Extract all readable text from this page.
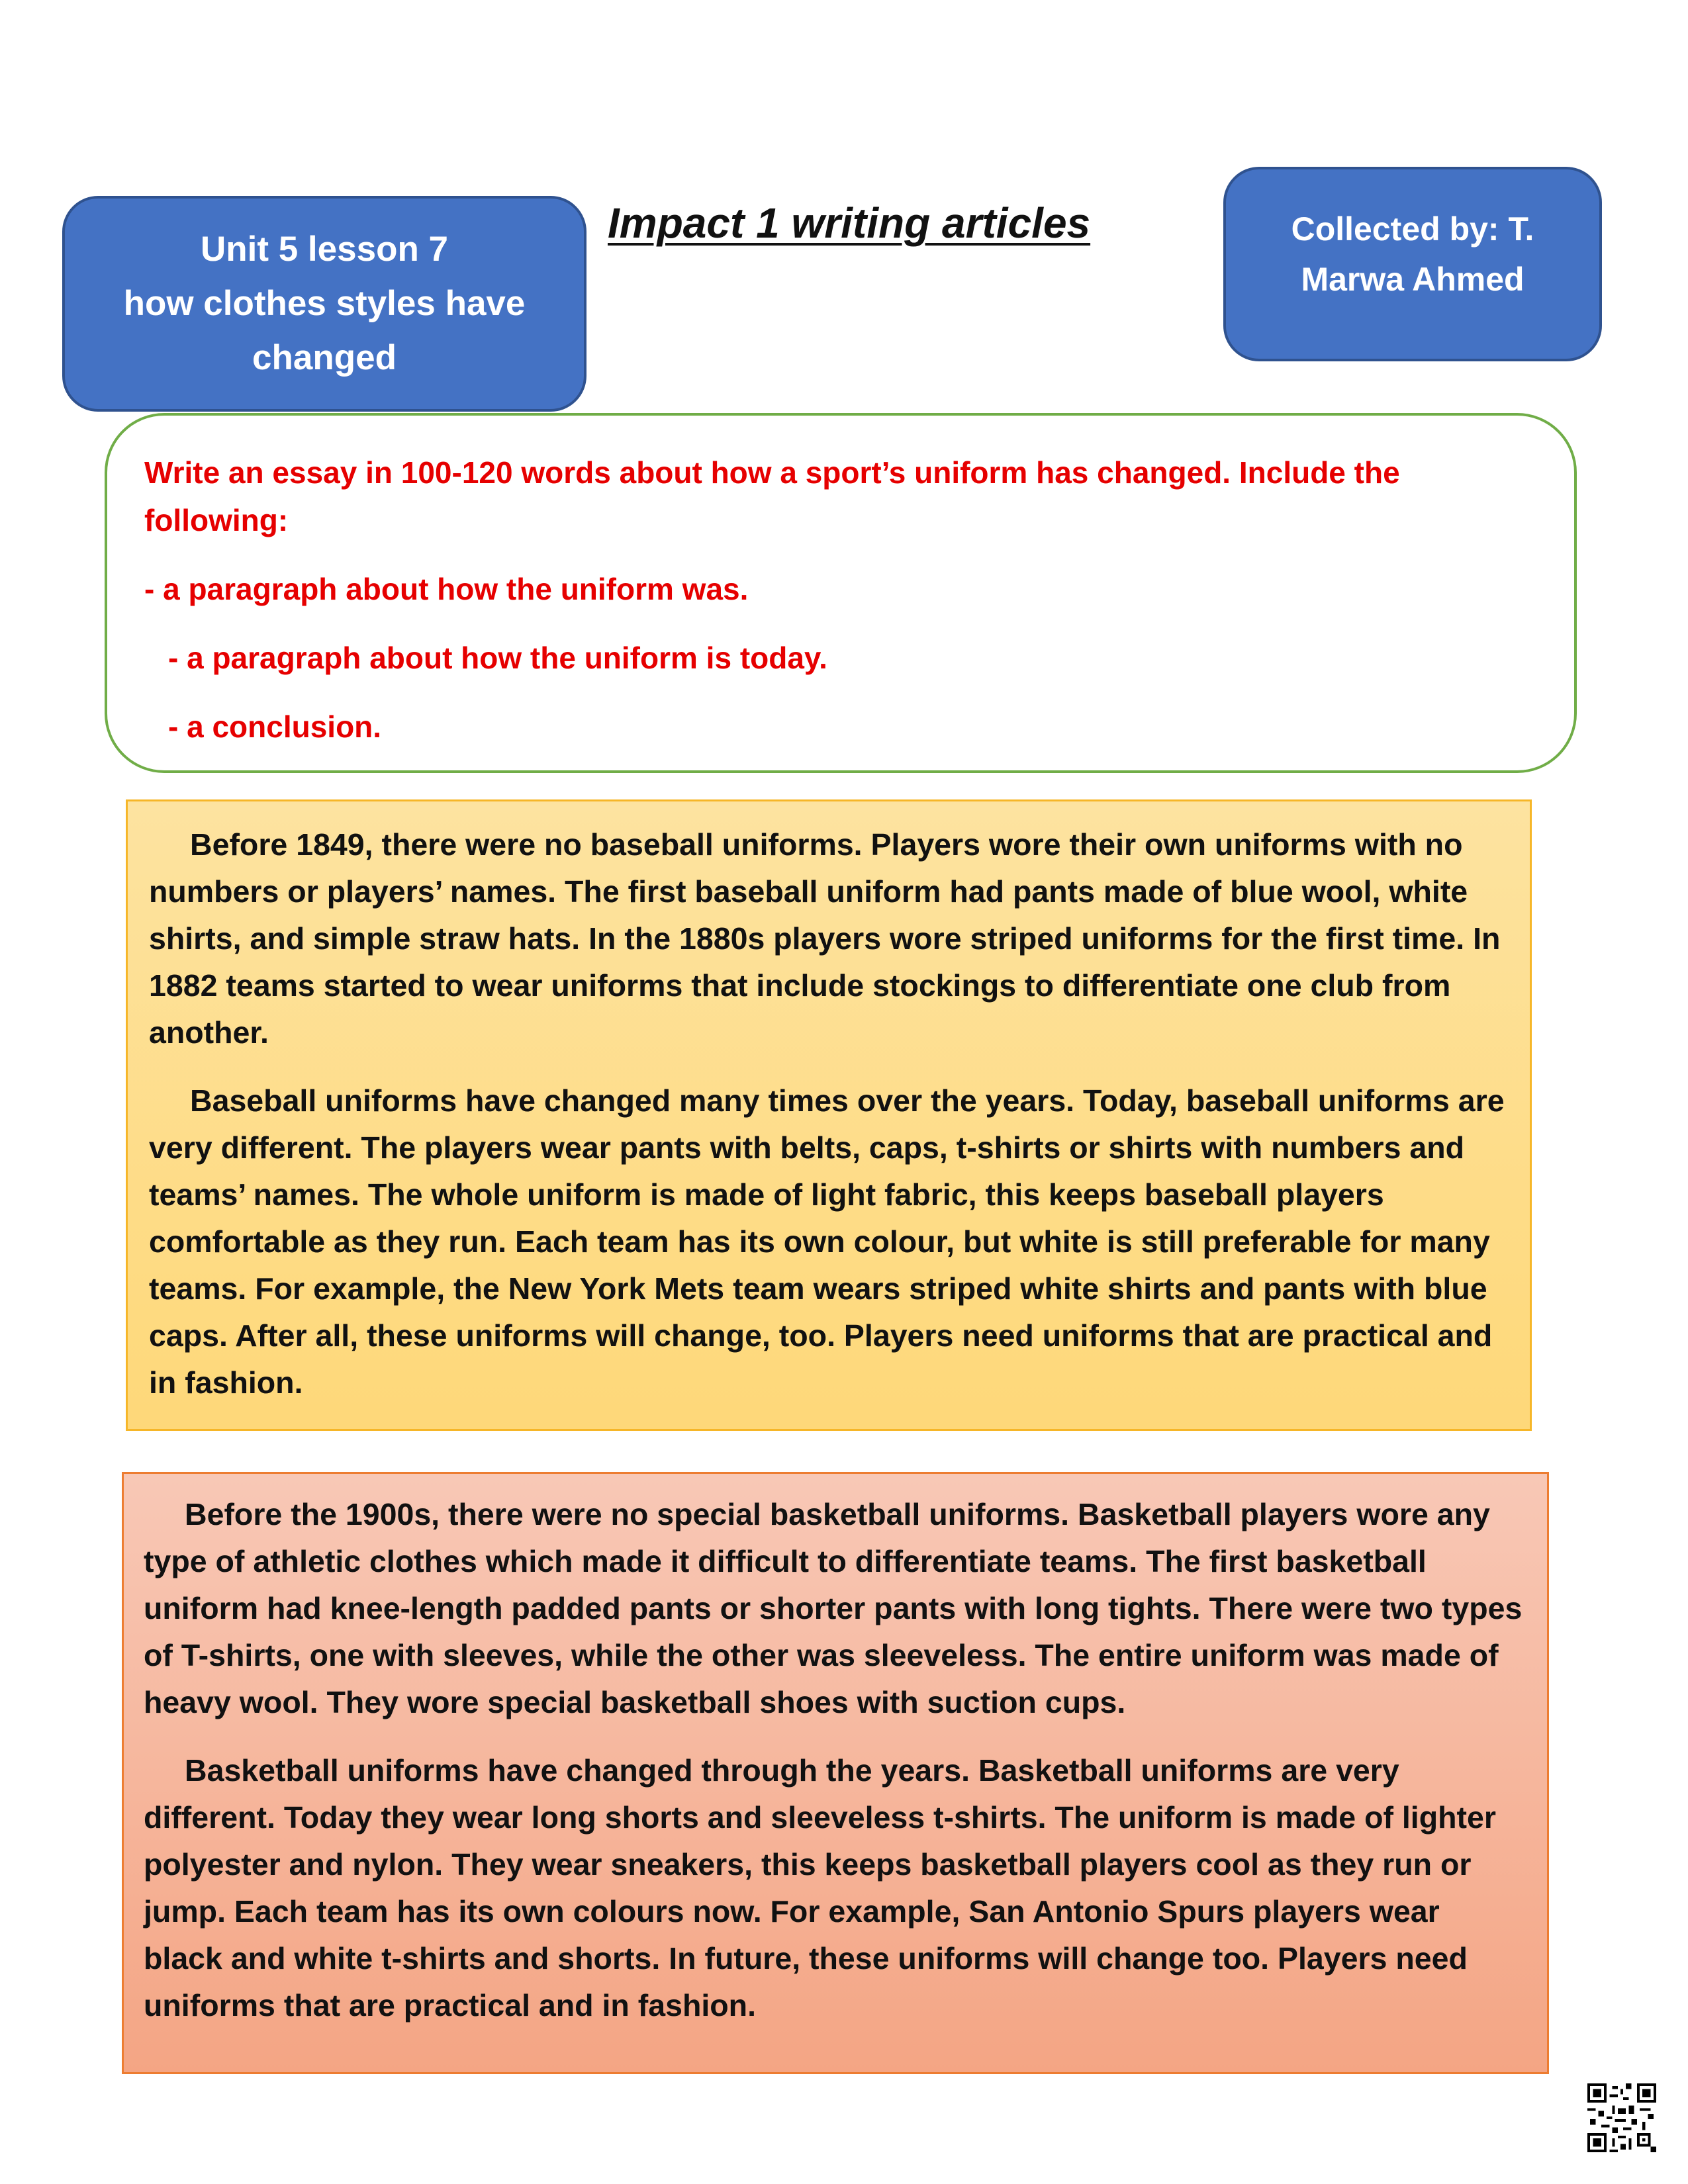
Unit 5 lesson 7
how clothes styles have
changed
Impact 1 writing articles	Collected by: T.
Marwa Ahmed

Write an essay in 100-120 words about how a sport’s uniform has changed. Include the following:

- a paragraph about how the uniform was.

- a paragraph about how the uniform is today.

- a conclusion.

Before 1849, there were no baseball uniforms. Players wore their own uniforms with no numbers or players’ names. The first baseball uniform had pants made of blue wool, white shirts, and simple straw hats. In the 1880s players wore striped uniforms for the first time. In 1882 teams started to wear uniforms that include stockings to differentiate one club from another.

Baseball uniforms have changed many times over the years. Today, baseball uniforms are very different. The players wear pants with belts, caps, t-shirts or shirts with numbers and teams’ names. The whole uniform is made of light fabric, this keeps baseball players comfortable as they run. Each team has its own colour, but white is still preferable for many teams. For example, the New York Mets team wears striped white shirts and pants with blue caps. After all, these uniforms will change, too. Players need uniforms that are practical and in fashion.

Before the 1900s, there were no special basketball uniforms. Basketball players wore any type of athletic clothes which made it difficult to differentiate teams. The first basketball uniform had knee-length padded pants or shorter pants with long tights. There were two types of T-shirts, one with sleeves, while the other was sleeveless. The entire uniform was made of heavy wool. They wore special basketball shoes with suction cups.

Basketball uniforms have changed through the years. Basketball uniforms are very different. Today they wear long shorts and sleeveless t-shirts. The uniform is made of lighter polyester and nylon. They wear sneakers, this keeps basketball players cool as they run or jump. Each team has its own colours now. For example, San Antonio Spurs players wear black and white t-shirts and shorts. In future, these uniforms will change too. Players need uniforms that are practical and in fashion.
